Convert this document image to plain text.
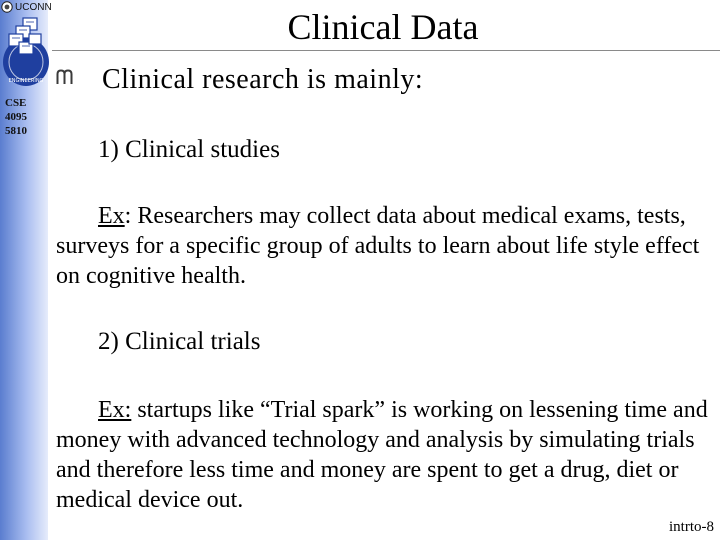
UCONN
ENGINEERING
CSE
4095
5810
Clinical Data
Clinical research is mainly:
1) Clinical studies
Ex: Researchers may collect data about medical exams, tests, surveys for a specific group of adults to learn about life style effect on cognitive health.
2) Clinical trials
Ex: startups like “Trial spark” is working on lessening time and money with advanced technology and analysis by simulating trials and therefore less time and money are spent to get a drug, diet or medical device out.
intrto-8
